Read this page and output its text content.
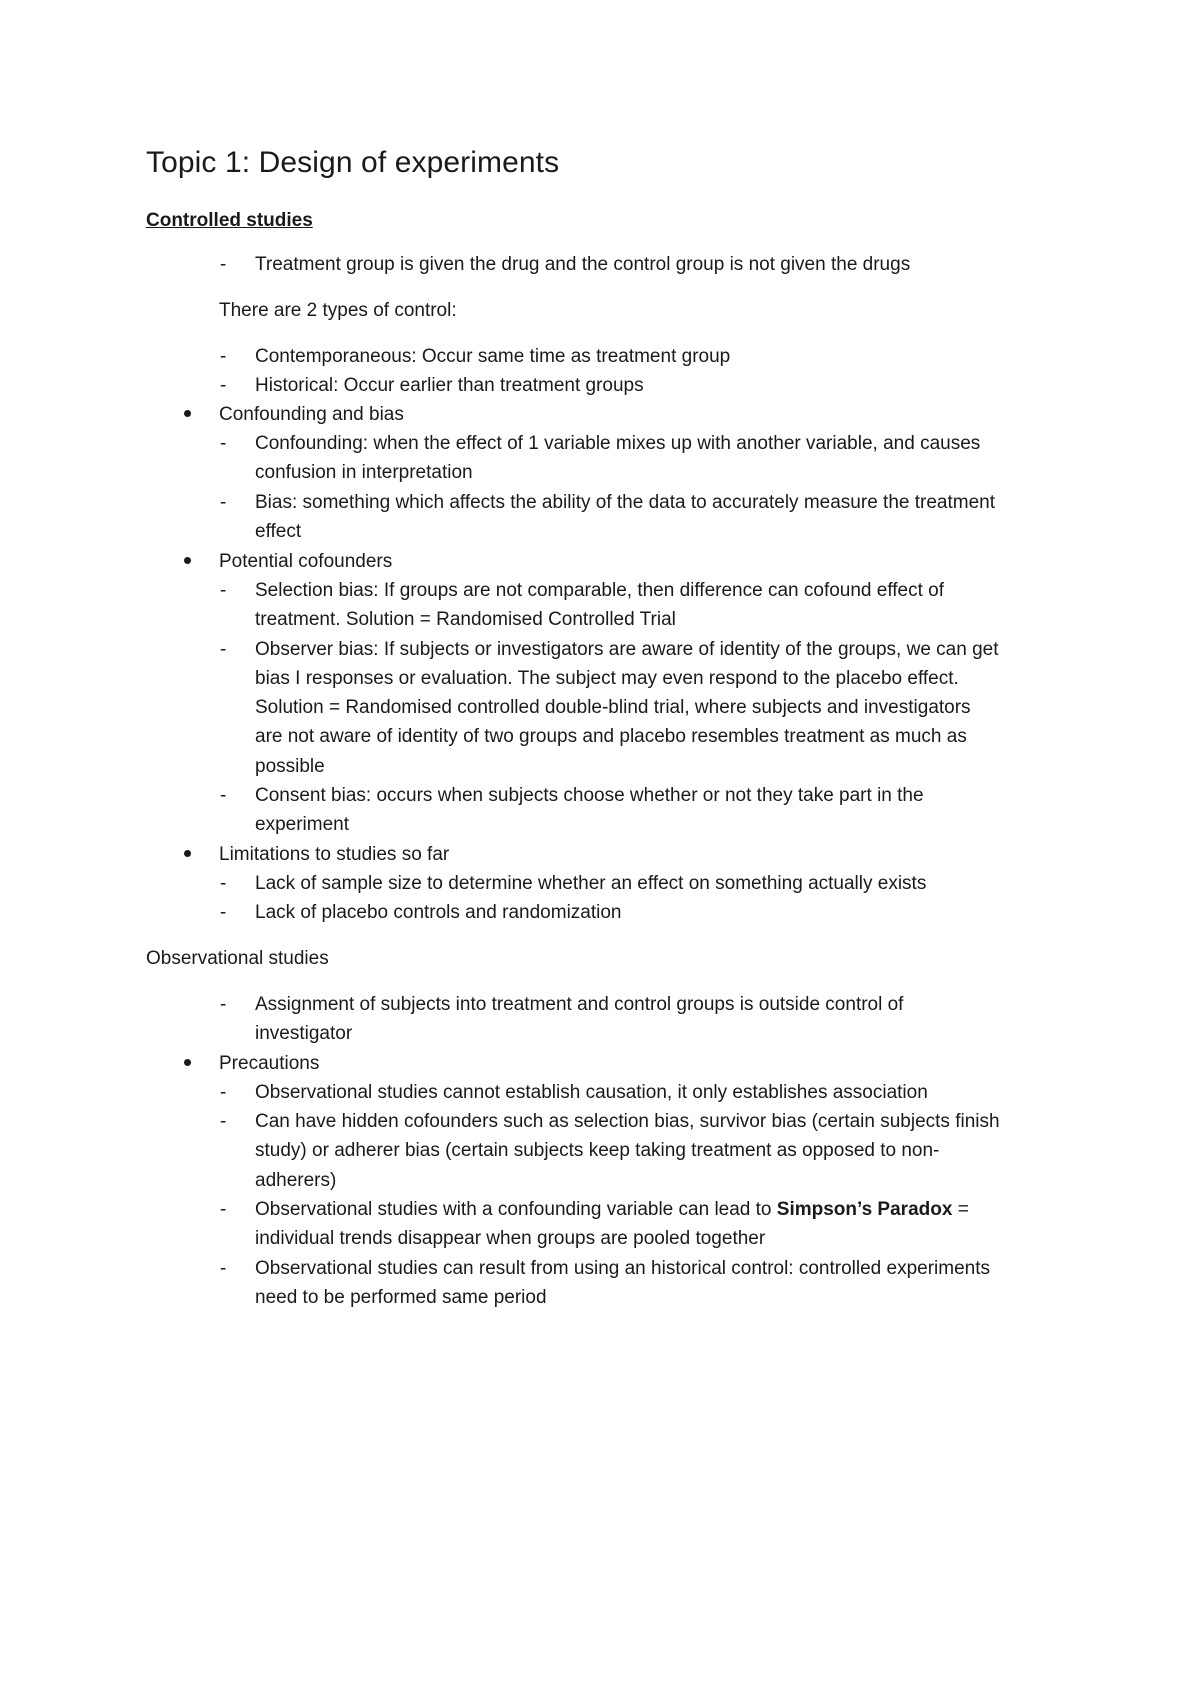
Topic 1: Design of experiments
Controlled studies
- Treatment group is given the drug and the control group is not given the drugs
There are 2 types of control:
- Contemporaneous: Occur same time as treatment group
- Historical: Occur earlier than treatment groups
Confounding and bias
- Confounding: when the effect of 1 variable mixes up with another variable, and causes
confusion in interpretation
- Bias: something which affects the ability of the data to accurately measure the treatment
effect
Potential cofounders
- Selection bias: If groups are not comparable, then difference can cofound effect of
treatment. Solution = Randomised Controlled Trial
- Observer bias: If subjects or investigators are aware of identity of the groups, we can get
bias I responses or evaluation. The subject may even respond to the placebo effect.
Solution = Randomised controlled double-blind trial, where subjects and investigators
are not aware of identity of two groups and placebo resembles treatment as much as
possible
- Consent bias: occurs when subjects choose whether or not they take part in the
experiment
Limitations to studies so far
- Lack of sample size to determine whether an effect on something actually exists
- Lack of placebo controls and randomization
Observational studies
- Assignment of subjects into treatment and control groups is outside control of
investigator
Precautions
- Observational studies cannot establish causation, it only establishes association
- Can have hidden cofounders such as selection bias, survivor bias (certain subjects finish
study) or adherer bias (certain subjects keep taking treatment as opposed to non-
adherers)
- Observational studies with a confounding variable can lead to Simpson’s Paradox =
individual trends disappear when groups are pooled together
- Observational studies can result from using an historical control: controlled experiments
need to be performed same period
